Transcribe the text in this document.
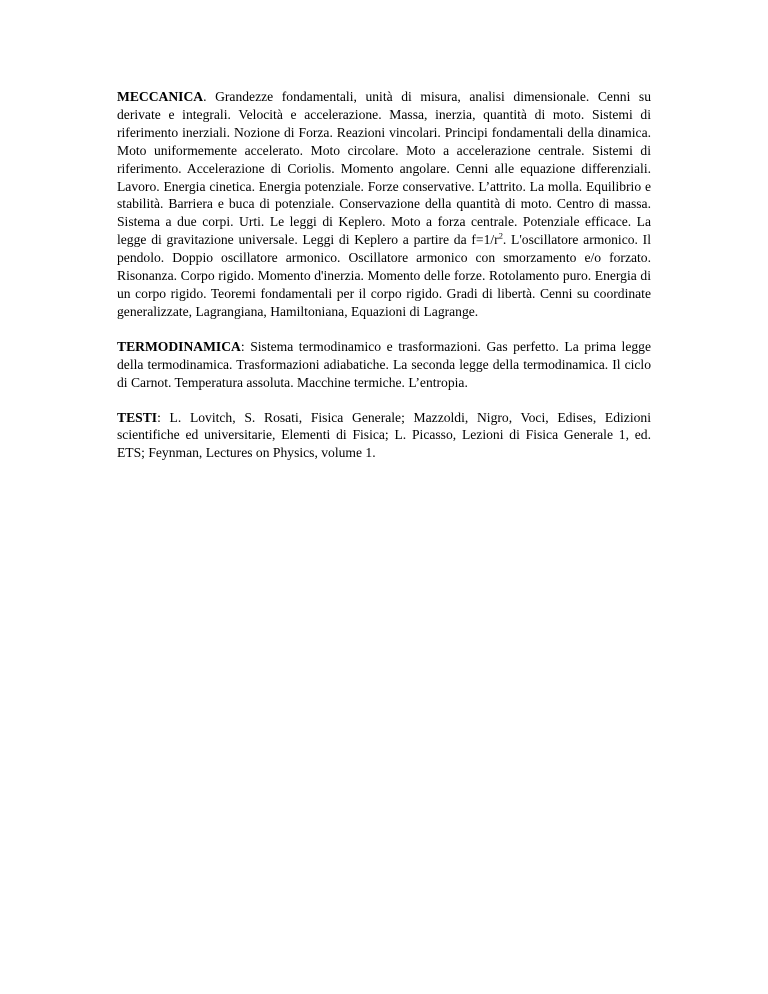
MECCANICA. Grandezze fondamentali, unità di misura, analisi dimensionale. Cenni su derivate e integrali. Velocità e accelerazione. Massa, inerzia, quantità di moto. Sistemi di riferimento inerziali. Nozione di Forza. Reazioni vincolari. Principi fondamentali della dinamica. Moto uniformemente accelerato. Moto circolare. Moto a accelerazione centrale. Sistemi di riferimento. Accelerazione di Coriolis. Momento angolare. Cenni alle equazione differenziali. Lavoro. Energia cinetica. Energia potenziale. Forze conservative. L’attrito. La molla. Equilibrio e stabilità. Barriera e buca di potenziale. Conservazione della quantità di moto. Centro di massa. Sistema a due corpi. Urti. Le leggi di Keplero. Moto a forza centrale. Potenziale efficace. La legge di gravitazione universale. Leggi di Keplero a partire da $f=1/r^2$. L'oscillatore armonico. Il pendolo. Doppio oscillatore armonico. Oscillatore armonico con smorzamento e/o forzato. Risonanza. Corpo rigido. Momento d'inerzia. Momento delle forze. Rotolamento puro. Energia di un corpo rigido. Teoremi fondamentali per il corpo rigido. Gradi di libertà. Cenni su coordinate generalizzate, Lagrangiana, Hamiltoniana, Equazioni di Lagrange.

TERMODINAMICA: Sistema termodinamico e trasformazioni. Gas perfetto. La prima legge della termodinamica. Trasformazioni adiabatiche. La seconda legge della termodinamica. Il ciclo di Carnot. Temperatura assoluta. Macchine termiche. L’entropia.

TESTI: L. Lovitch, S. Rosati, Fisica Generale; Mazzoldi, Nigro, Voci, Edises, Edizioni scientifiche ed universitarie, Elementi di Fisica; L. Picasso, Lezioni di Fisica Generale 1, ed. ETS; Feynman, Lectures on Physics, volume 1.
